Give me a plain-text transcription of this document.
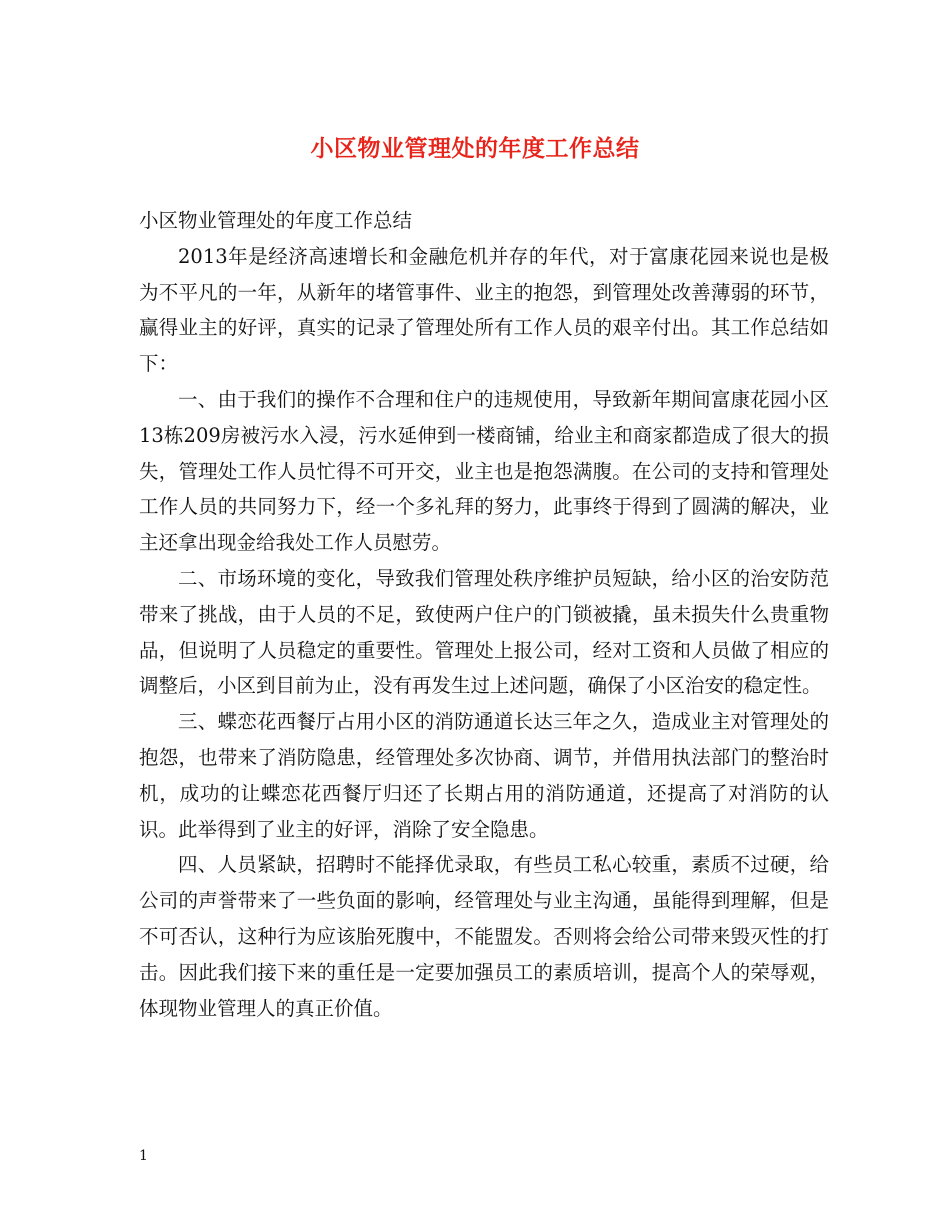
小区物业管理处的年度工作总结

小区物业管理处的年度工作总结

2013年是经济高速增长和金融危机并存的年代，对于富康花园来说也是极为不平凡的一年，从新年的堵管事件、业主的抱怨，到管理处改善薄弱的环节，赢得业主的好评，真实的记录了管理处所有工作人员的艰辛付出。其工作总结如下：

一、由于我们的操作不合理和住户的违规使用，导致新年期间富康花园小区13栋209房被污水入浸，污水延伸到一楼商铺，给业主和商家都造成了很大的损失，管理处工作人员忙得不可开交，业主也是抱怨满腹。在公司的支持和管理处工作人员的共同努力下，经一个多礼拜的努力，此事终于得到了圆满的解决，业主还拿出现金给我处工作人员慰劳。

二、市场环境的变化，导致我们管理处秩序维护员短缺，给小区的治安防范带来了挑战，由于人员的不足，致使两户住户的门锁被撬，虽未损失什么贵重物品，但说明了人员稳定的重要性。管理处上报公司，经对工资和人员做了相应的调整后，小区到目前为止，没有再发生过上述问题，确保了小区治安的稳定性。

三、蝶恋花西餐厅占用小区的消防通道长达三年之久，造成业主对管理处的抱怨，也带来了消防隐患，经管理处多次协商、调节，并借用执法部门的整治时机，成功的让蝶恋花西餐厅归还了长期占用的消防通道，还提高了对消防的认识。此举得到了业主的好评，消除了安全隐患。

四、人员紧缺，招聘时不能择优录取，有些员工私心较重，素质不过硬，给公司的声誉带来了一些负面的影响，经管理处与业主沟通，虽能得到理解，但是不可否认，这种行为应该胎死腹中，不能盟发。否则将会给公司带来毁灭性的打击。因此我们接下来的重任是一定要加强员工的素质培训，提高个人的荣辱观，体现物业管理人的真正价值。

1
